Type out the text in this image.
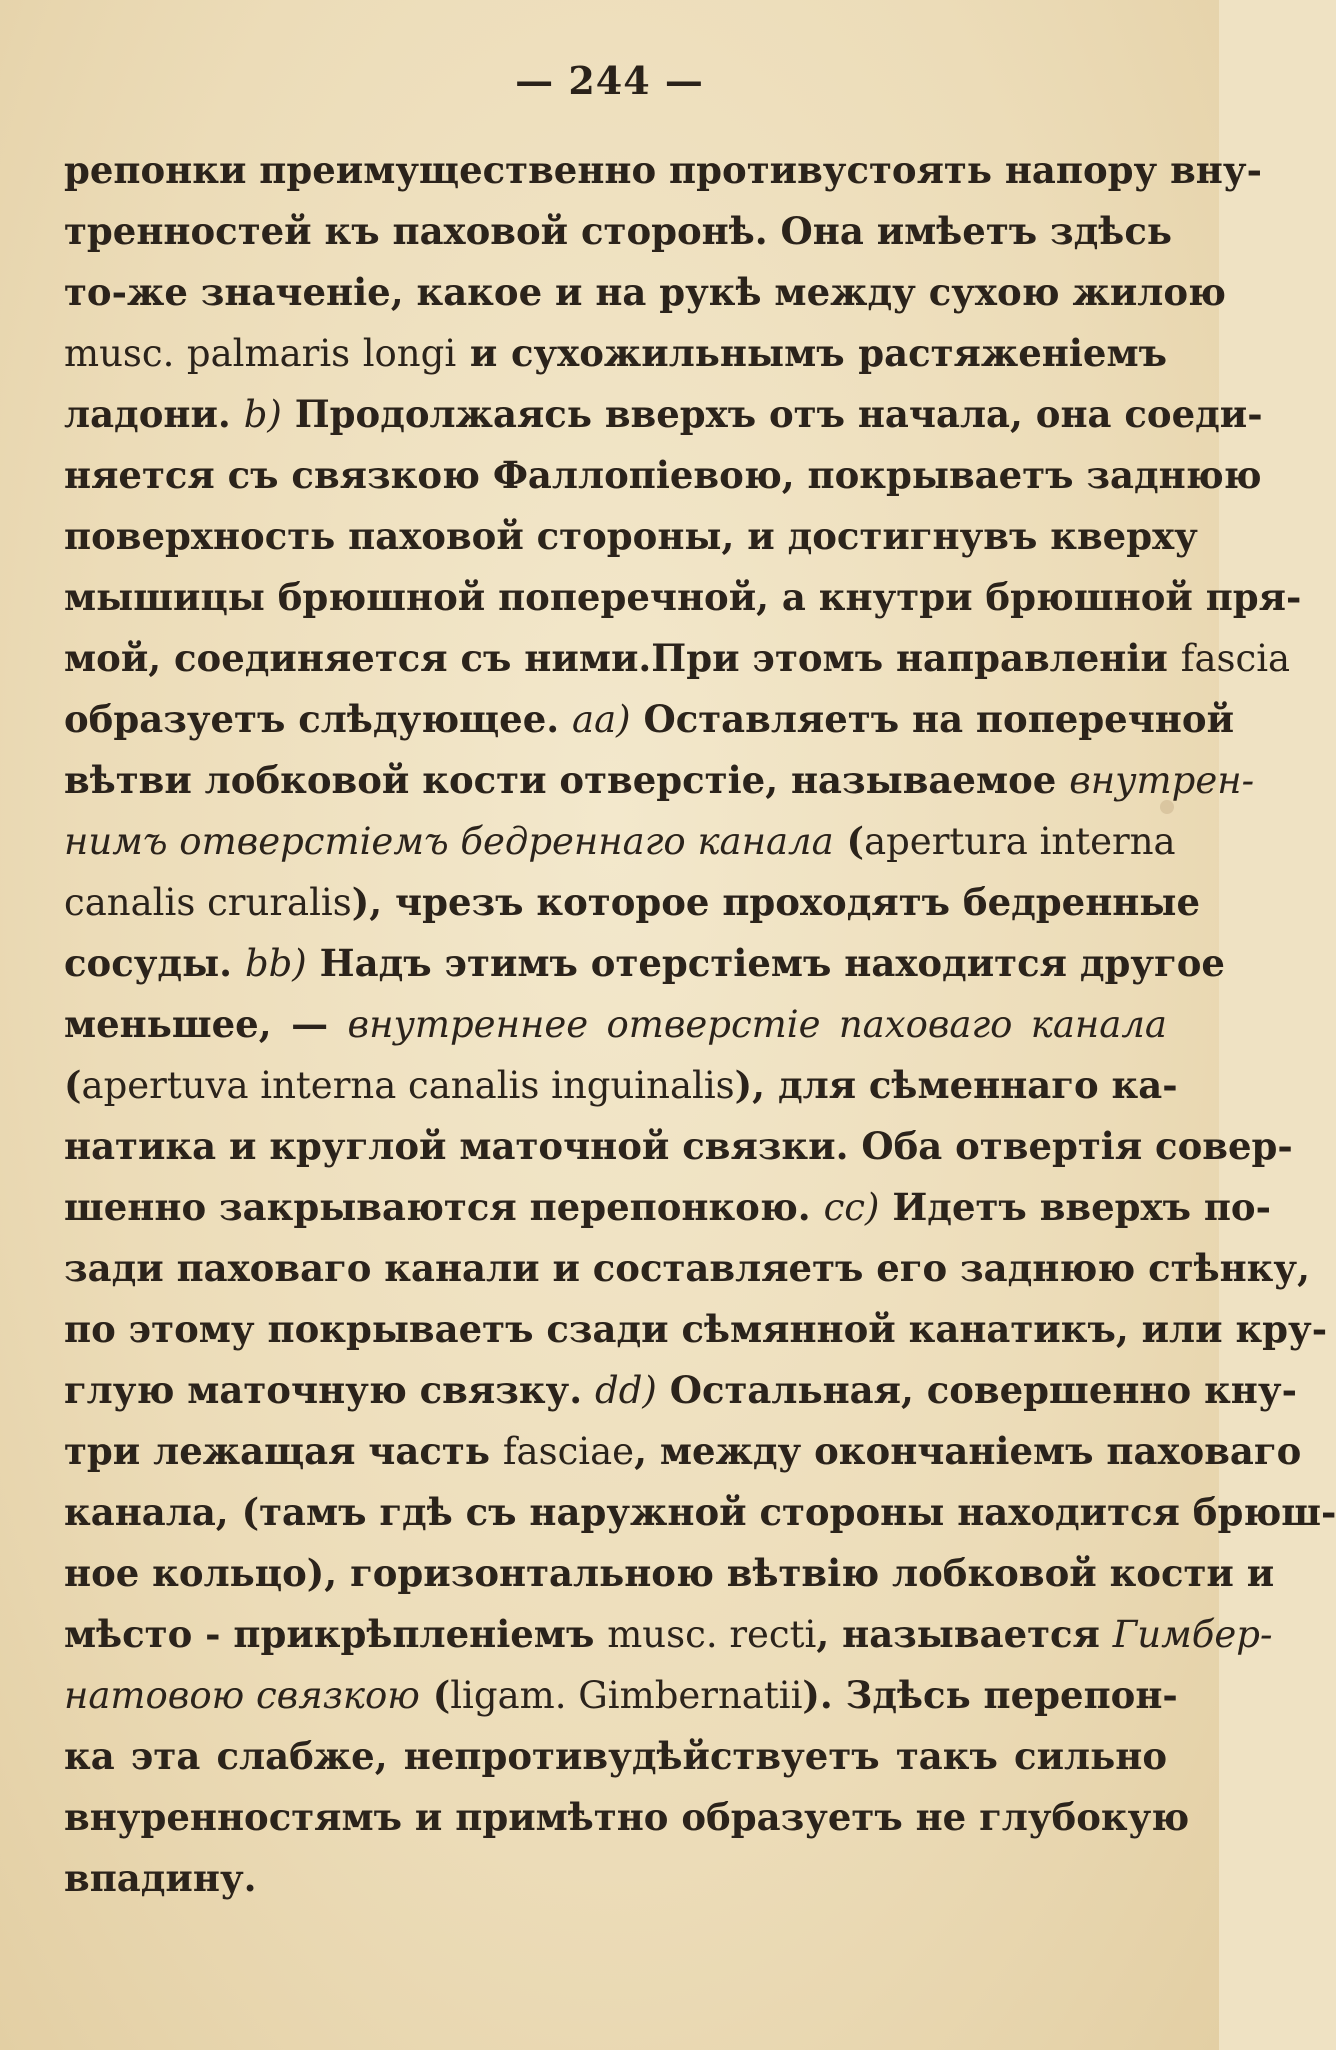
— 244 —
репонки преимущественно противустоять напору вну-
тренностей къ паховой сторонѣ. Она имѣетъ здѣсь
то-же значенie, какое и на рукѣ между сухою жилою
musc. palmaris longi и сухожильнымъ растяженiемъ
ладони. b) Продолжаясь вверхъ отъ начала, она соеди-
няется съ связкою Фаллопiевою, покрываетъ заднюю
поверхность паховой стороны, и достигнувъ кверху
мышицы брюшной поперечной, а кнутри брюшной пря-
мой, соединяется съ ними.При этомъ направленiи fascia
образуетъ слѣдующее. aa) Оставляетъ на поперечной
вѣтви лобковой кости отверстiе, называемое внутрен-
нимъ отверстiемъ бедреннаго канала (apertura interna
canalis cruralis), чрезъ которое проходятъ бедренные
сосуды. bb) Надъ этимъ отерстiемъ находится другое
меньшее, — внутреннее отверстiе паховаго канала
(apertuva interna canalis inguinalis), для сѣменнаго ка-
натика и круглой маточной связки. Оба отвертiя совер-
шенно закрываются перепонкою. cc) Идетъ вверхъ по-
зади паховаго канали и составляетъ его заднюю стѣнку,
по этому покрываетъ сзади сѣмянной канатикъ, или кру-
глую маточную связку. dd) Остальная, совершенно кну-
три лежащая часть fasciae, между окончанiемъ паховаго
канала, (тамъ гдѣ съ наружной стороны находится брюш-
ное кольцо), горизонтальною вѣтвiю лобковой кости и
мѣсто - прикрѣпленiемъ musc. recti, называется Гимбер-
натовою связкою (ligam. Gimbernatii). Здѣсь перепон-
ка эта слабже, непротивудѣйствуетъ такъ сильно
внуренностямъ и примѣтно образуетъ не глубокую
впадину.
